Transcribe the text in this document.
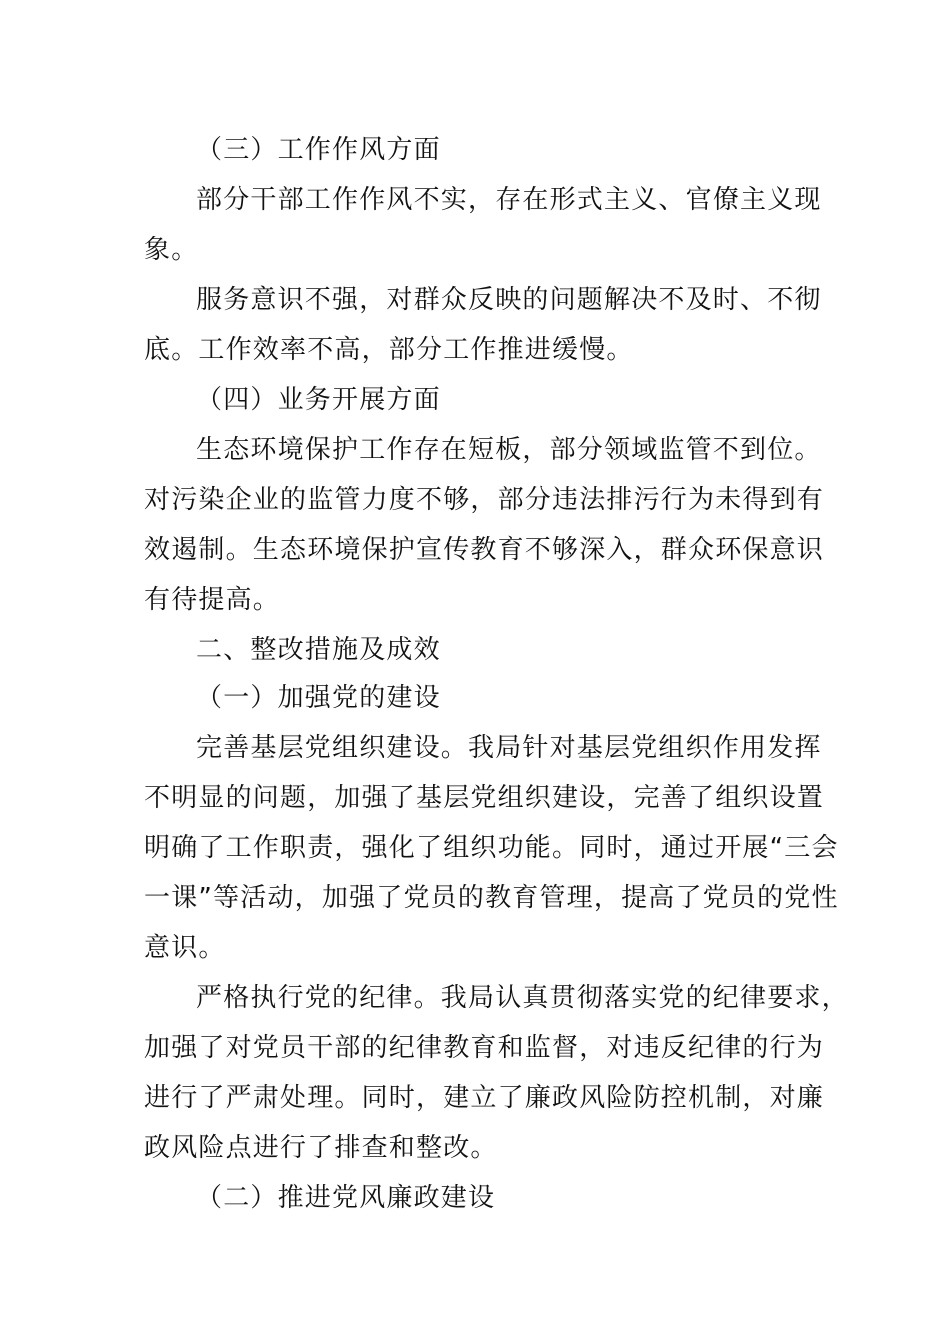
（三）工作作风方面

部分干部工作作风不实，存在形式主义、官僚主义现

象。

服务意识不强，对群众反映的问题解决不及时、不彻

底。工作效率不高，部分工作推进缓慢。

（四）业务开展方面

生态环境保护工作存在短板，部分领域监管不到位。

对污染企业的监管力度不够，部分违法排污行为未得到有

效遏制。生态环境保护宣传教育不够深入，群众环保意识

有待提高。

二、整改措施及成效

（一）加强党的建设

完善基层党组织建设。我局针对基层党组织作用发挥

不明显的问题，加强了基层党组织建设，完善了组织设置

明确了工作职责，强化了组织功能。同时，通过开展“三会

一课”等活动，加强了党员的教育管理，提高了党员的党性

意识。

严格执行党的纪律。我局认真贯彻落实党的纪律要求，

加强了对党员干部的纪律教育和监督，对违反纪律的行为

进行了严肃处理。同时，建立了廉政风险防控机制，对廉

政风险点进行了排查和整改。

（二）推进党风廉政建设
